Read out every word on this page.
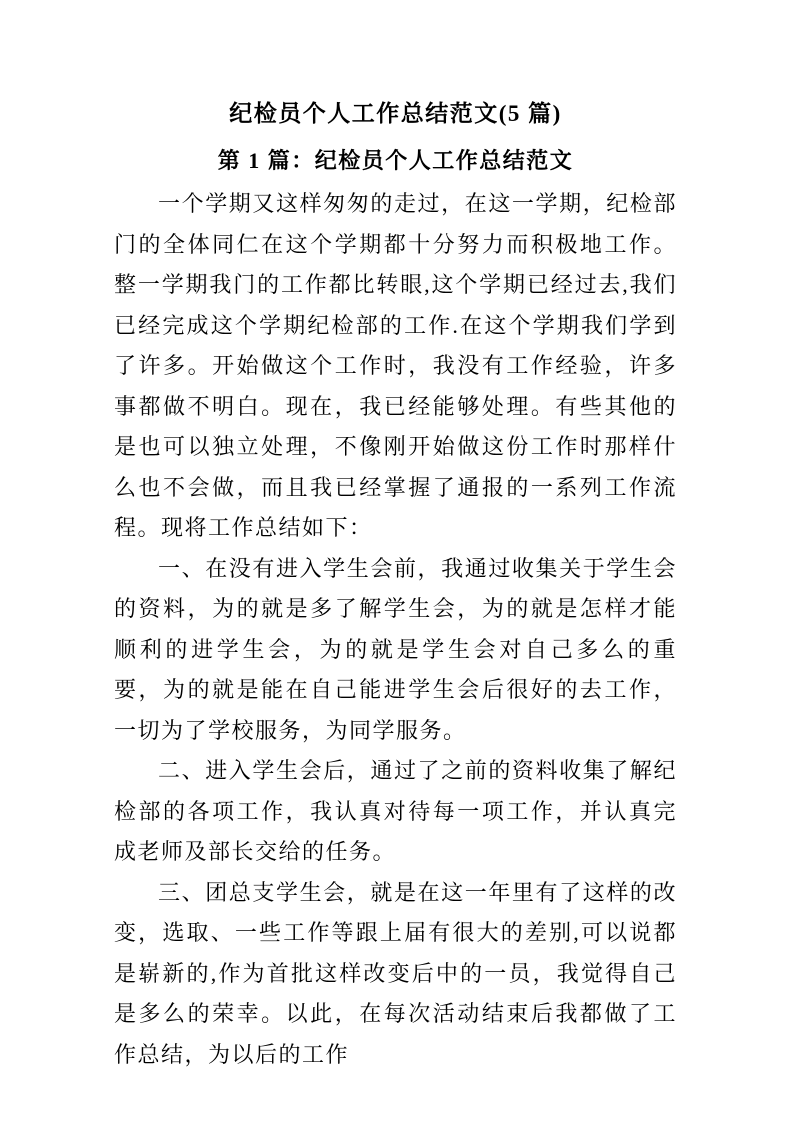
纪检员个人工作总结范文(5 篇)
第 1 篇：纪检员个人工作总结范文

一个学期又这样匆匆的走过，在这一学期，纪检部门的全体同仁在这个学期都十分努力而积极地工作。整一学期我门的工作都比转眼,这个学期已经过去,我们已经完成这个学期纪检部的工作.在这个学期我们学到了许多。开始做这个工作时，我没有工作经验，许多事都做不明白。现在，我已经能够处理。有些其他的是也可以独立处理，不像刚开始做这份工作时那样什么也不会做，而且我已经掌握了通报的一系列工作流程。现将工作总结如下：

一、在没有进入学生会前，我通过收集关于学生会的资料，为的就是多了解学生会，为的就是怎样才能顺利的进学生会，为的就是学生会对自己多么的重要，为的就是能在自己能进学生会后很好的去工作，一切为了学校服务，为同学服务。

二、进入学生会后，通过了之前的资料收集了解纪检部的各项工作，我认真对待每一项工作，并认真完成老师及部长交给的任务。

三、团总支学生会，就是在这一年里有了这样的改变，选取、一些工作等跟上届有很大的差别,可以说都是崭新的,作为首批这样改变后中的一员，我觉得自己是多么的荣幸。以此，在每次活动结束后我都做了工作总结，为以后的工作
